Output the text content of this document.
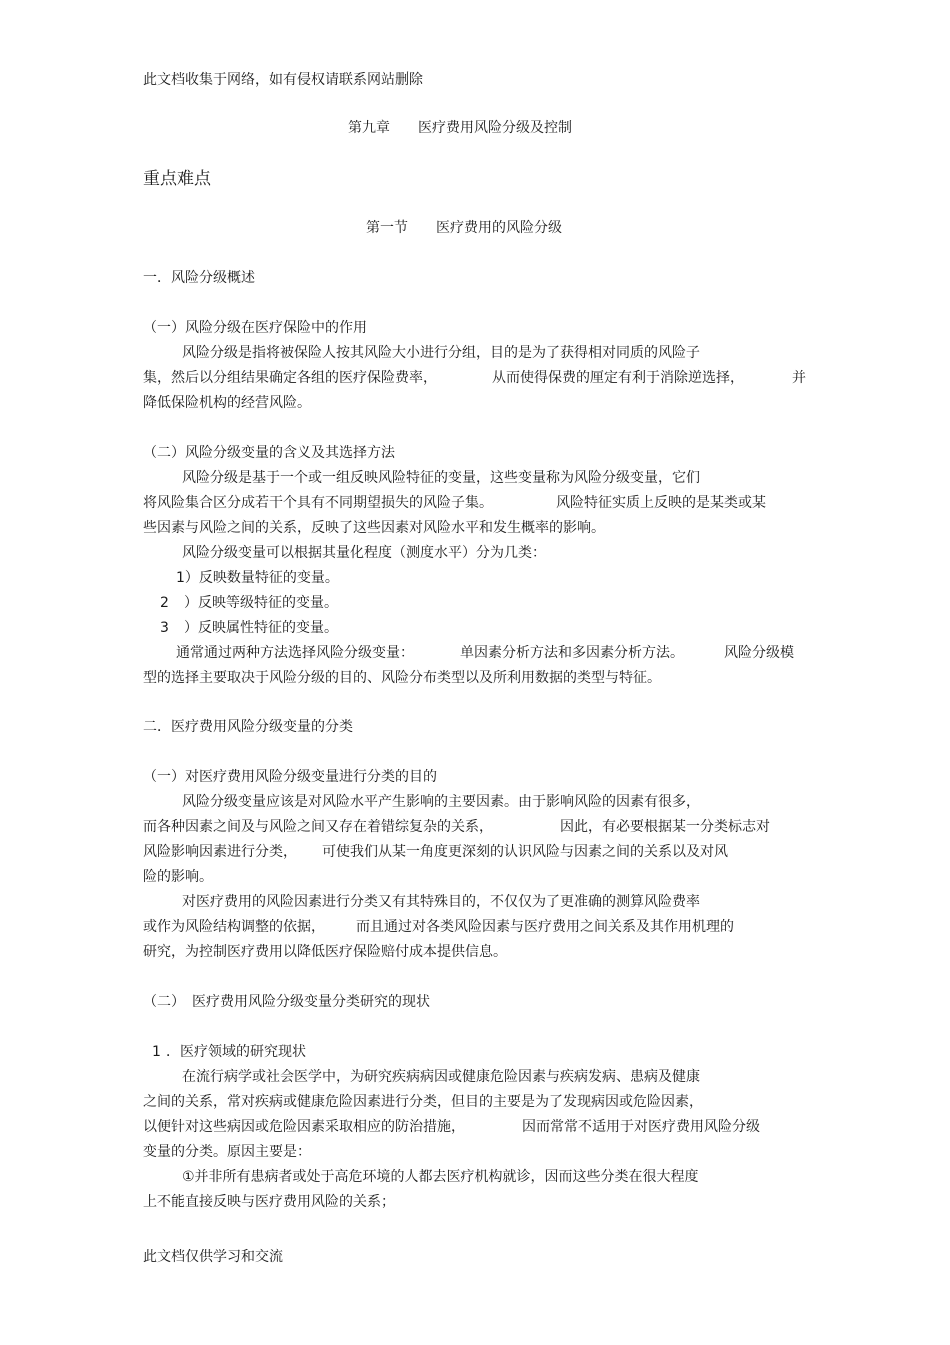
此文档收集于网络，如有侵权请联系网站删除
第九章　　医疗费用风险分级及控制
重点难点
第一节　　医疗费用的风险分级
一．风险分级概述
（一）风险分级在医疗保险中的作用
风险分级是指将被保险人按其风险大小进行分组，目的是为了获得相对同质的风险子
集，然后以分组结果确定各组的医疗保险费率，	从而使得保费的厘定有利于消除逆选择，	并
降低保险机构的经营风险。
（二）风险分级变量的含义及其选择方法
风险分级是基于一个或一组反映风险特征的变量，这些变量称为风险分级变量，它们
将风险集合区分成若干个具有不同期望损失的风险子集。	风险特征实质上反映的是某类或某
些因素与风险之间的关系，反映了这些因素对风险水平和发生概率的影响。
风险分级变量可以根据其量化程度（测度水平）分为几类：
1）反映数量特征的变量。
2 ）反映等级特征的变量。
3 ）反映属性特征的变量。
通常通过两种方法选择风险分级变量：	单因素分析方法和多因素分析方法。	风险分级模
型的选择主要取决于风险分级的目的、风险分布类型以及所利用数据的类型与特征。
二．医疗费用风险分级变量的分类
（一）对医疗费用风险分级变量进行分类的目的
风险分级变量应该是对风险水平产生影响的主要因素。由于影响风险的因素有很多，
而各种因素之间及与风险之间又存在着错综复杂的关系，	因此，有必要根据某一分类标志对
风险影响因素进行分类， 可使我们从某一角度更深刻的认识风险与因素之间的关系以及对风
险的影响。
对医疗费用的风险因素进行分类又有其特殊目的，不仅仅为了更准确的测算风险费率
或作为风险结构调整的依据， 而且通过对各类风险因素与医疗费用之间关系及其作用机理的
研究，为控制医疗费用以降低医疗保险赔付成本提供信息。
（二）　医疗费用风险分级变量分类研究的现状
1 ．医疗领域的研究现状
在流行病学或社会医学中，为研究疾病病因或健康危险因素与疾病发病、患病及健康
之间的关系，常对疾病或健康危险因素进行分类，但目的主要是为了发现病因或危险因素，
以便针对这些病因或危险因素采取相应的防治措施，	因而常常不适用于对医疗费用风险分级
变量的分类。原因主要是：
①并非所有患病者或处于高危环境的人都去医疗机构就诊，因而这些分类在很大程度
上不能直接反映与医疗费用风险的关系；
此文档仅供学习和交流
